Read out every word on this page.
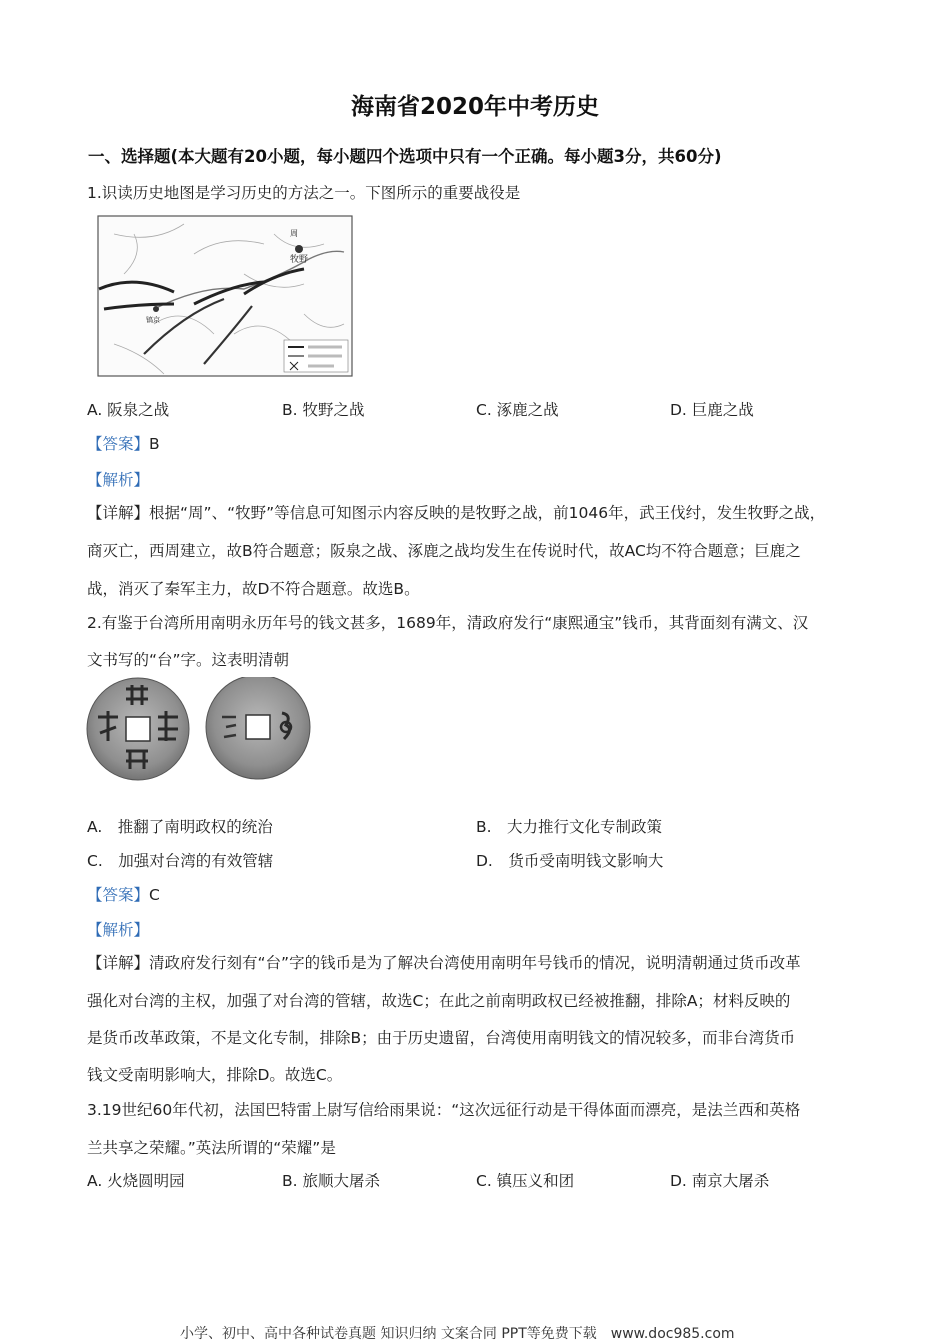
海南省2020年中考历史
一、选择题(本大题有20小题，每小题四个选项中只有一个正确。每小题3分，共60分)
1.识读历史地图是学习历史的方法之一。下图所示的重要战役是
周
牧野
镐京
A. 阪泉之战	B. 牧野之战	C. 涿鹿之战	D. 巨鹿之战
【答案】B
【解析】
【详解】根据“周”、“牧野”等信息可知图示内容反映的是牧野之战，前1046年，武王伐纣，发生牧野之战，
商灭亡，西周建立，故B符合题意；阪泉之战、涿鹿之战均发生在传说时代，故AC均不符合题意；巨鹿之
战，消灭了秦军主力，故D不符合题意。故选B。
2.有鉴于台湾所用南明永历年号的钱文甚多，1689年，清政府发行“康熙通宝”钱币，其背面刻有满文、汉
文书写的“台”字。这表明清朝
A.　推翻了南明政权的统治	B.　大力推行文化专制政策
C.　加强对台湾的有效管辖	D.　货币受南明钱文影响大
【答案】C
【解析】
【详解】清政府发行刻有“台”字的钱币是为了解决台湾使用南明年号钱币的情况，说明清朝通过货币改革
强化对台湾的主权，加强了对台湾的管辖，故选C；在此之前南明政权已经被推翻，排除A；材料反映的
是货币改革政策，不是文化专制，排除B；由于历史遗留，台湾使用南明钱文的情况较多，而非台湾货币
钱文受南明影响大，排除D。故选C。
3.19世纪60年代初，法国巴特雷上尉写信给雨果说：“这次远征行动是干得体面而漂亮，是法兰西和英格
兰共享之荣耀。”英法所谓的“荣耀”是
A. 火烧圆明园	B. 旅顺大屠杀	C. 镇压义和团	D. 南京大屠杀
小学、初中、高中各种试卷真题 知识归纳 文案合同 PPT等免费下载　www.doc985.com
